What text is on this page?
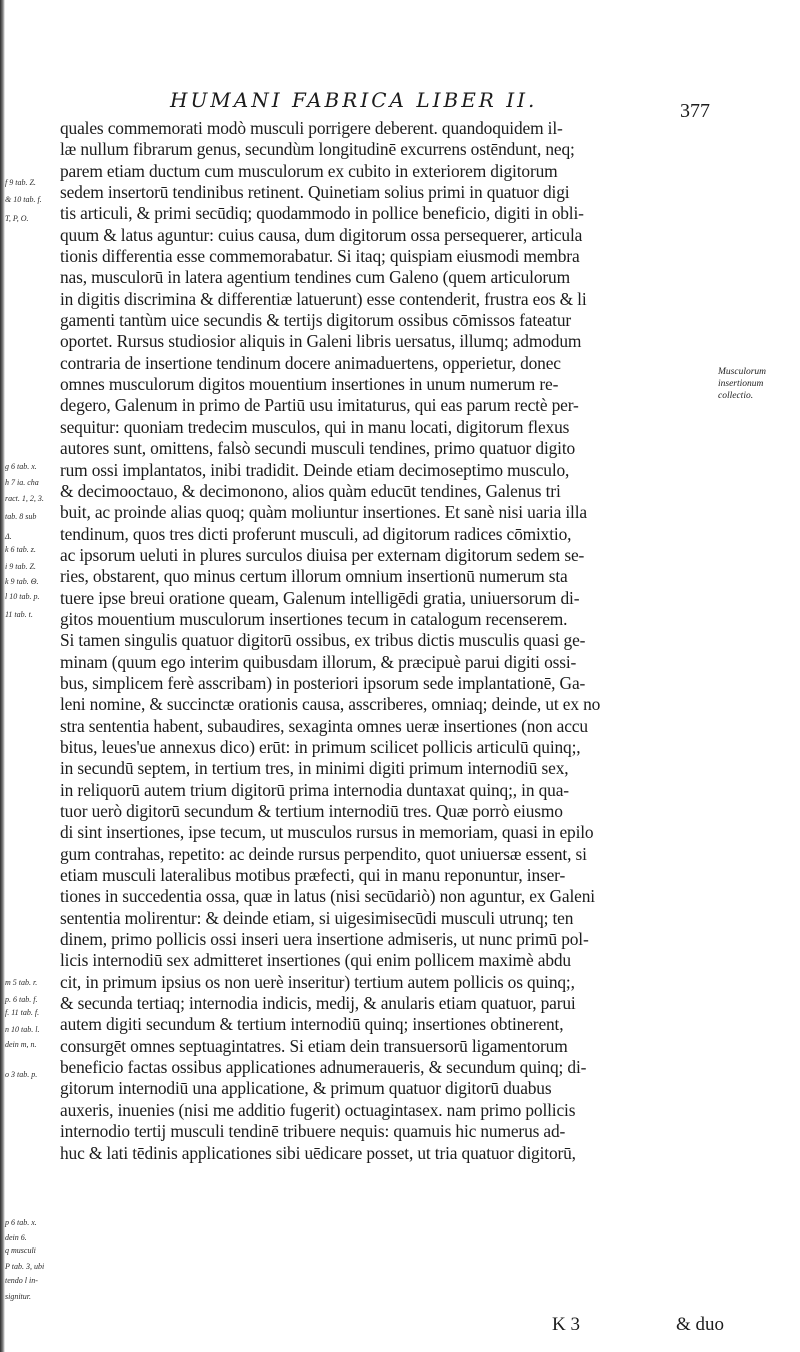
HUMANI FABRICA LIBER II.	377
quales commemorati modò musculi porrigere deberent. quandoquidem il-
læ nullum fibrarum genus, secundùm longitudinē excurrens ostēndunt, neq;
parem etiam ductum cum musculorum ex cubito in exteriorem digitorum
sedem insertorū tendinibus retinent. Quinetiam solius primi in quatuor digi
tis articuli, & primi secūdiq; quodammodo in pollice beneficio, digiti in obli-
quum & latus aguntur: cuius causa, dum digitorum ossa persequerer, articula
tionis differentia esse commemorabatur. Si itaq; quispiam eiusmodi membra
nas, musculorū in latera agentium tendines cum Galeno (quem articulorum
in digitis discrimina & differentiæ latuerunt) esse contenderit, frustra eos & li
gamenti tantùm uice secundis & tertijs digitorum ossibus cōmissos fateatur
oportet. Rursus studiosior aliquis in Galeni libris uersatus, illumq; admodum
contraria de insertione tendinum docere animaduertens, opperietur, donec
omnes musculorum digitos mouentium insertiones in unum numerum re-
degero, Galenum in primo de Partiū usu imitaturus, qui eas parum rectè per-
sequitur: quoniam tredecim musculos, qui in manu locati, digitorum flexus
autores sunt, omittens, falsò secundi musculi tendines, primo quatuor digito
rum ossi implantatos, inibi tradidit. Deinde etiam decimoseptimo musculo,
& decimooctauo, & decimonono, alios quàm educūt tendines, Galenus tri
buit, ac proinde alias quoq; quàm moliuntur insertiones. Et sanè nisi uaria illa
tendinum, quos tres dicti proferunt musculi, ad digitorum radices cōmixtio,
ac ipsorum ueluti in plures surculos diuisa per externam digitorum sedem se-
ries, obstarent, quo minus certum illorum omnium insertionū numerum sta
tuere ipse breui oratione queam, Galenum intelligēdi gratia, uniuersorum di-
gitos mouentium musculorum insertiones tecum in catalogum recenserem.
Si tamen singulis quatuor digitorū ossibus, ex tribus dictis musculis quasi ge-
minam (quum ego interim quibusdam illorum, & præcipuè parui digiti ossi-
bus, simplicem ferè asscribam) in posteriori ipsorum sede implantationē, Ga-
leni nomine, & succinctæ orationis causa, asscriberes, omniaq; deinde, ut ex no
stra sententia habent, subaudires, sexaginta omnes ueræ insertiones (non accu
bitus, leues'ue annexus dico) erūt: in primum scilicet pollicis articulū quinq;,
in secundū septem, in tertium tres, in minimi digiti primum internodiū sex,
in reliquorū autem trium digitorū prima internodia duntaxat quinq;, in qua-
tuor uerò digitorū secundum & tertium internodiū tres. Quæ porrò eiusmo
di sint insertiones, ipse tecum, ut musculos rursus in memoriam, quasi in epilo
gum contrahas, repetito: ac deinde rursus perpendito, quot uniuersæ essent, si
etiam musculi lateralibus motibus præfecti, qui in manu reponuntur, inser-
tiones in succedentia ossa, quæ in latus (nisi secūdariò) non aguntur, ex Galeni
sententia molirentur: & deinde etiam, si uigesimisecūdi musculi utrunq; ten
dinem, primo pollicis ossi inseri uera insertione admiseris, ut nunc primū pol-
licis internodiū sex admitteret insertiones (qui enim pollicem maximè abdu
cit, in primum ipsius os non uerè inseritur) tertium autem pollicis os quinq;,
& secunda tertiaq; internodia indicis, medij, & anularis etiam quatuor, parui
autem digiti secundum & tertium internodiū quinq; insertiones obtinerent,
consurgēt omnes septuagintatres. Si etiam dein transuersorū ligamentorum
beneficio factas ossibus applicationes adnumeraueris, & secundum quinq; di-
gitorum internodiū una applicatione, & primum quatuor digitorū duabus
auxeris, inuenies (nisi me additio fugerit) octuagintasex. nam primo pollicis
internodio tertij musculi tendinē tribuere nequis: quamuis hic numerus ad-
huc & lati tēdinis applicationes sibi uēdicare posset, ut tria quatuor digitorū,
f 9 tab. Z.
& 10 tab. f.
T, P, O.
g 6 tab. x.
h 7 ia. cha
ract. 1, 2, 3.
tab. 8 sub
Δ.
k 6 tab. z.
i 9 tab. Z.
k 9 tab. Θ.
l 10 tab. p.
11 tab. t.
m 5 tab. r.
p. 6 tab. f.
f. 11 tab. f.
n 10 tab. l.
dein m, n.
o 3 tab. p.
p 6 tab. x.
dein 6.
q musculi
P tab. 3, ubi
tendo l in-
signitur.
Musculorum
insertionum
collectio.
K 3	& duo
